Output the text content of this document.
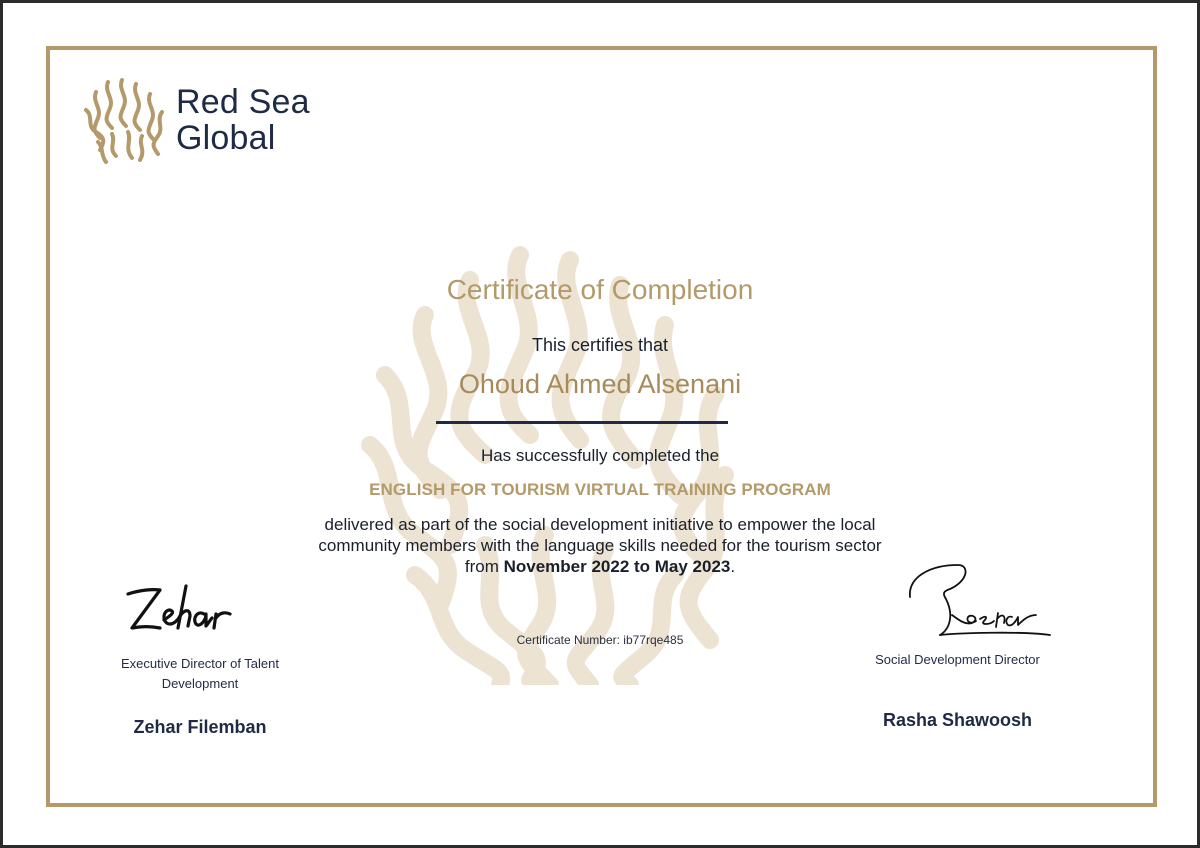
Red Sea
Global
Certificate of Completion
This certifies that
Ohoud Ahmed Alsenani
Has successfully completed the
ENGLISH FOR TOURISM VIRTUAL TRAINING PROGRAM

delivered as part of the social development initiative to empower the local

community members with the language skills needed for the tourism sector

from November 2022 to May 2023.

Certificate Number: ib77rqe485
Executive Director of Talent
Development
Zehar Filemban
Social Development Director
Rasha Shawoosh
